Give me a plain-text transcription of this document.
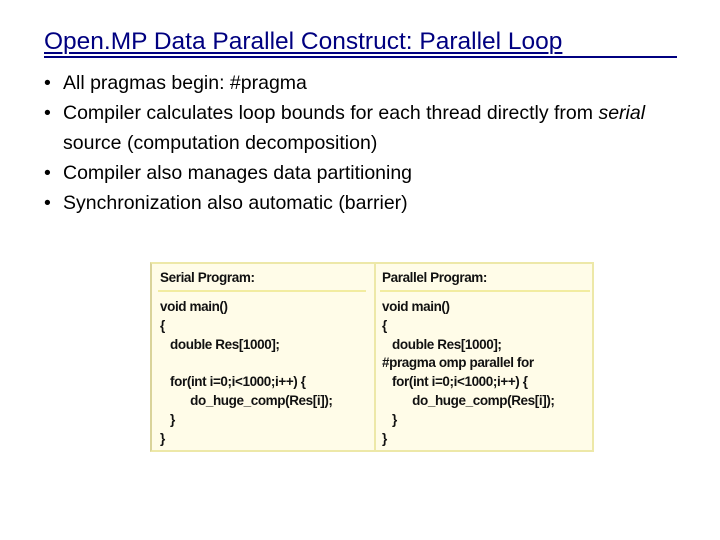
Open.MP Data Parallel Construct: Parallel Loop
• All pragmas begin: #pragma
• Compiler calculates loop bounds for each thread directly from serial source (computation decomposition)
• Compiler also manages data partitioning
• Synchronization also automatic (barrier)
Serial Program:
void main()
{
double Res[1000];

for(int i=0;i<1000;i++) {
do_huge_comp(Res[i]);
}
}
Parallel Program:
void main()
{
double Res[1000];
#pragma omp parallel for
for(int i=0;i<1000;i++) {
do_huge_comp(Res[i]);
}
}
